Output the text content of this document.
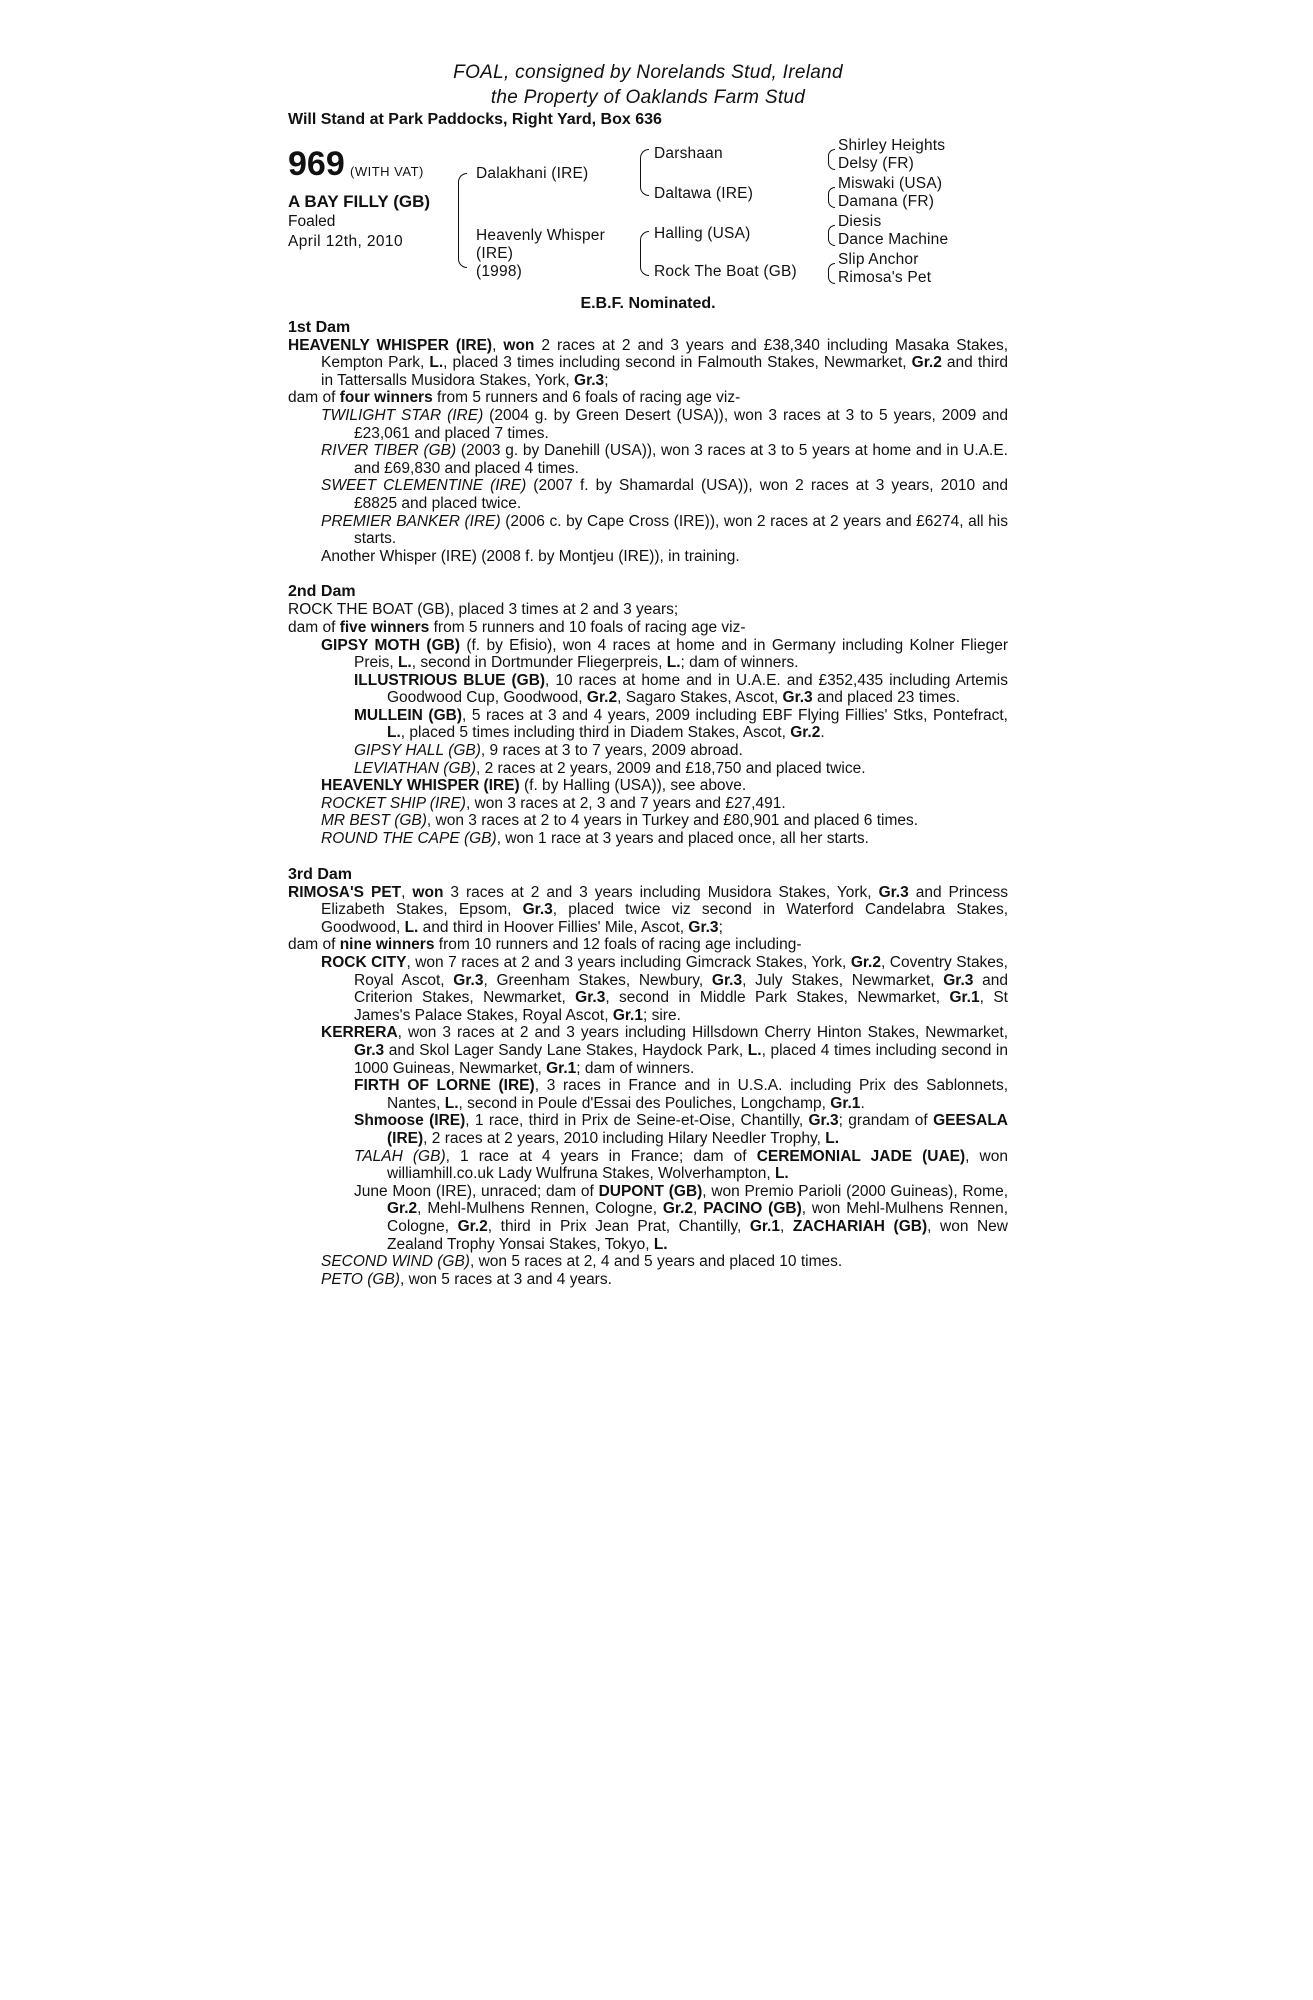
FOAL, consigned by Norelands Stud, Ireland
the Property of Oaklands Farm Stud
Will Stand at Park Paddocks, Right Yard, Box 636
969 (WITH VAT)
A BAY FILLY (GB)
Foaled
April 12th, 2010
Dalakhani (IRE)
Heavenly Whisper
(IRE)
(1998)
Darshaan
Daltawa (IRE)
Halling (USA)
Rock The Boat (GB)
Shirley Heights
Delsy (FR)
Miswaki (USA)
Damana (FR)
Diesis
Dance Machine
Slip Anchor
Rimosa's Pet
E.B.F. Nominated.
1st Dam
HEAVENLY WHISPER (IRE), won 2 races at 2 and 3 years and £38,340 including Masaka Stakes, Kempton Park, L., placed 3 times including second in Falmouth Stakes, Newmarket, Gr.2 and third in Tattersalls Musidora Stakes, York, Gr.3;
dam of four winners from 5 runners and 6 foals of racing age viz-
TWILIGHT STAR (IRE) (2004 g. by Green Desert (USA)), won 3 races at 3 to 5 years, 2009 and £23,061 and placed 7 times.
RIVER TIBER (GB) (2003 g. by Danehill (USA)), won 3 races at 3 to 5 years at home and in U.A.E. and £69,830 and placed 4 times.
SWEET CLEMENTINE (IRE) (2007 f. by Shamardal (USA)), won 2 races at 3 years, 2010 and £8825 and placed twice.
PREMIER BANKER (IRE) (2006 c. by Cape Cross (IRE)), won 2 races at 2 years and £6274, all his starts.
Another Whisper (IRE) (2008 f. by Montjeu (IRE)), in training.
2nd Dam
ROCK THE BOAT (GB), placed 3 times at 2 and 3 years;
dam of five winners from 5 runners and 10 foals of racing age viz-
GIPSY MOTH (GB) (f. by Efisio), won 4 races at home and in Germany including Kolner Flieger Preis, L., second in Dortmunder Fliegerpreis, L.; dam of winners.
ILLUSTRIOUS BLUE (GB), 10 races at home and in U.A.E. and £352,435 including Artemis Goodwood Cup, Goodwood, Gr.2, Sagaro Stakes, Ascot, Gr.3 and placed 23 times.
MULLEIN (GB), 5 races at 3 and 4 years, 2009 including EBF Flying Fillies' Stks, Pontefract, L., placed 5 times including third in Diadem Stakes, Ascot, Gr.2.
GIPSY HALL (GB), 9 races at 3 to 7 years, 2009 abroad.
LEVIATHAN (GB), 2 races at 2 years, 2009 and £18,750 and placed twice.
HEAVENLY WHISPER (IRE) (f. by Halling (USA)), see above.
ROCKET SHIP (IRE), won 3 races at 2, 3 and 7 years and £27,491.
MR BEST (GB), won 3 races at 2 to 4 years in Turkey and £80,901 and placed 6 times.
ROUND THE CAPE (GB), won 1 race at 3 years and placed once, all her starts.
3rd Dam
RIMOSA'S PET, won 3 races at 2 and 3 years including Musidora Stakes, York, Gr.3 and Princess Elizabeth Stakes, Epsom, Gr.3, placed twice viz second in Waterford Candelabra Stakes, Goodwood, L. and third in Hoover Fillies' Mile, Ascot, Gr.3;
dam of nine winners from 10 runners and 12 foals of racing age including-
ROCK CITY, won 7 races at 2 and 3 years including Gimcrack Stakes, York, Gr.2, Coventry Stakes, Royal Ascot, Gr.3, Greenham Stakes, Newbury, Gr.3, July Stakes, Newmarket, Gr.3 and Criterion Stakes, Newmarket, Gr.3, second in Middle Park Stakes, Newmarket, Gr.1, St James's Palace Stakes, Royal Ascot, Gr.1; sire.
KERRERA, won 3 races at 2 and 3 years including Hillsdown Cherry Hinton Stakes, Newmarket, Gr.3 and Skol Lager Sandy Lane Stakes, Haydock Park, L., placed 4 times including second in 1000 Guineas, Newmarket, Gr.1; dam of winners.
FIRTH OF LORNE (IRE), 3 races in France and in U.S.A. including Prix des Sablonnets, Nantes, L., second in Poule d'Essai des Pouliches, Longchamp, Gr.1.
Shmoose (IRE), 1 race, third in Prix de Seine-et-Oise, Chantilly, Gr.3; grandam of GEESALA (IRE), 2 races at 2 years, 2010 including Hilary Needler Trophy, L.
TALAH (GB), 1 race at 4 years in France; dam of CEREMONIAL JADE (UAE), won williamhill.co.uk Lady Wulfruna Stakes, Wolverhampton, L.
June Moon (IRE), unraced; dam of DUPONT (GB), won Premio Parioli (2000 Guineas), Rome, Gr.2, Mehl-Mulhens Rennen, Cologne, Gr.2, PACINO (GB), won Mehl-Mulhens Rennen, Cologne, Gr.2, third in Prix Jean Prat, Chantilly, Gr.1, ZACHARIAH (GB), won New Zealand Trophy Yonsai Stakes, Tokyo, L.
SECOND WIND (GB), won 5 races at 2, 4 and 5 years and placed 10 times.
PETO (GB), won 5 races at 3 and 4 years.
